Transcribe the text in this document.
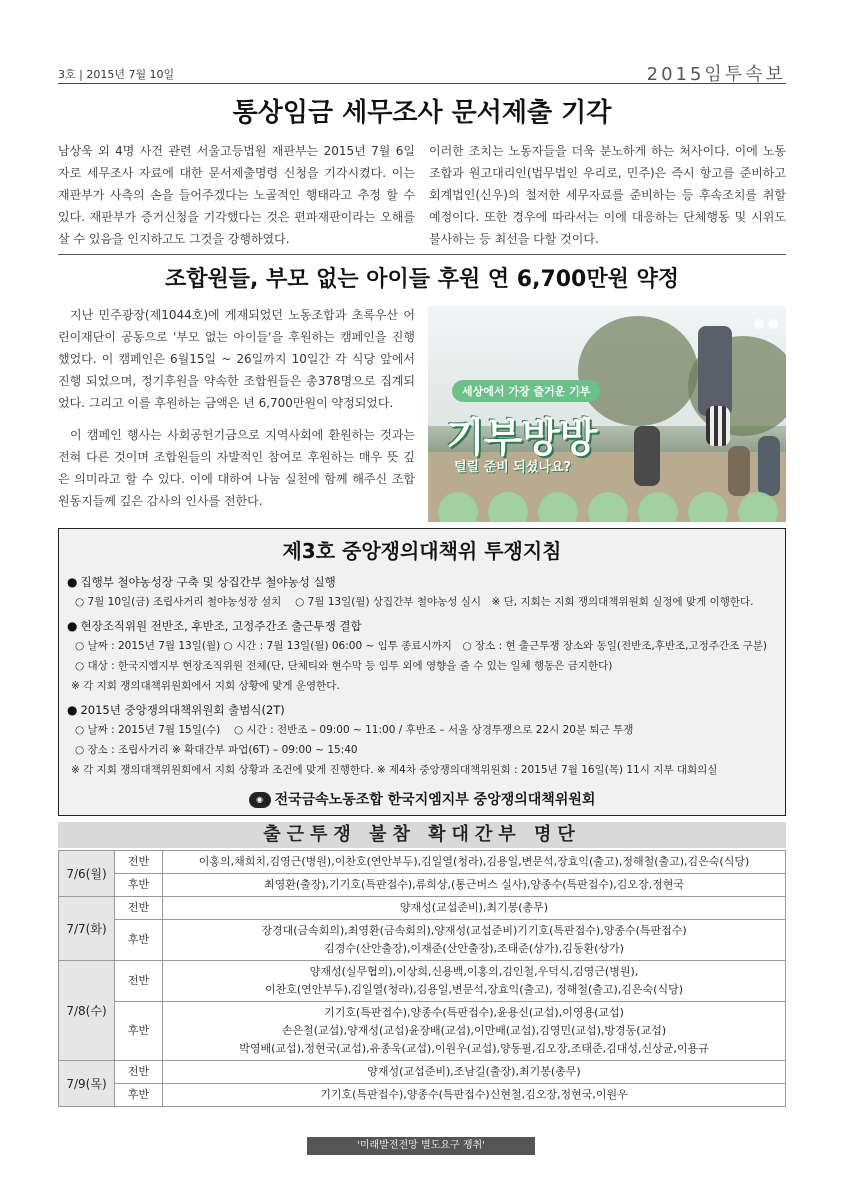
3호 | 2015년 7월 10일	2015임투속보
통상임금 세무조사 문서제출 기각
남상욱 외 4명 사건 관련 서울고등법원 재판부는 2015년 7월 6일 자로 세무조사 자료에 대한 문서제출명령 신청을 기각시켰다. 이는 재판부가 사측의 손을 들어주겠다는 노골적인 행태라고 추정 할 수 있다. 재판부가 증거신청을 기각했다는 것은 편파재판이라는 오해를 살 수 있음을 인지하고도 그것을 강행하였다.
이러한 조치는 노동자들을 더욱 분노하게 하는 처사이다. 이에 노동조합과 원고대리인(법무법인 우리로, 민주)은 즉시 항고를 준비하고 회계법인(신우)의 철저한 세무자료를 준비하는 등 후속조치를 취할 예정이다. 또한 경우에 따라서는 이에 대응하는 단체행동 및 시위도 불사하는 등 최선을 다할 것이다.
조합원들, 부모 없는 아이들 후원 연 6,700만원 약정

지난 민주광장(제1044호)에 게재되었던 노동조합과 초록우산 어린이재단이 공동으로 '부모 없는 아이들'을 후원하는 캠페인을 진행했었다. 이 캠페인은 6월15일 ~ 26일까지 10일간 각 식당 앞에서 진행 되었으며, 정기후원을 약속한 조합원들은 총378명으로 집계되었다. 그리고 이를 후원하는 금액은 년 6,700만원이 약정되었다.

이 캠페인 행사는 사회공헌기금으로 지역사회에 환원하는 것과는 전혀 다른 것이며 조합원들의 자발적인 참여로 후원하는 매우 뜻 깊은 의미라고 할 수 있다. 이에 대하여 나눔 실천에 함께 해주신 조합원동지들께 깊은 감사의 인사를 전한다.

세상에서 가장 즐거운 기부
기부방방
털릴 준비 되셨나요?
제3호 중앙쟁의대책위 투쟁지침
● 집행부 철야농성장 구축 및 상집간부 철야농성 실행
○ 7월 10일(금) 조립사거리 철야농성장 설치　 ○ 7월 13일(월) 상집간부 철야농성 실시　※ 단, 지회는 지회 쟁의대책위원회 실정에 맞게 이행한다.
● 현장조직위원 전반조, 후반조, 고정주간조 출근투쟁 결합
○ 날짜 : 2015년 7월 13일(월) ○ 시간 : 7월 13일(월) 06:00 ~ 임투 종료시까지　○ 장소 : 현 출근투쟁 장소와 동일(전반조,후반조,고정주간조 구분)
○ 대상 : 한국지엠지부 현장조직위원 전체(단, 단체티와 현수막 등 임투 외에 영향을 줄 수 있는 일체 행동은 금지한다)
※ 각 지회 쟁의대책위원회에서 지회 상황에 맞게 운영한다.
● 2015년 중앙쟁의대책위원회 출범식(2T)
○ 날짜 : 2015년 7월 15일(수)　 ○ 시간 : 전반조 – 09:00 ~ 11:00 / 후반조 – 서울 상경투쟁으로 22시 20분 퇴근 투쟁
○ 장소 : 조립사거리 ※ 확대간부 파업(6T) – 09:00 ~ 15:40
※ 각 지회 쟁의대책위원회에서 지회 상황과 조건에 맞게 진행한다. ※ 제4차 중앙쟁의대책위원회 : 2015년 7월 16일(목) 11시 지부 대회의실
◉ 전국금속노동조합 한국지엠지부 중앙쟁의대책위원회
출근투쟁 불참 확대간부 명단
7/6(월)	전반	이홍의,채희치,김영근(병원),이찬호(연안부두),김일열(청라),김용일,변문석,장효익(출고),정해철(출고),김은숙(식당)
	후반	최영환(출장),기기호(특판접수),류희상,(통근버스 실사),양종수(특판접수),김오장,정현국
7/7(화)	전반	양재성(교섭준비),최기봉(총무)
	후반	장경대(금속회의),최영환(금속회의),양재성(교섭준비)기기호(특판접수),양종수(특판접수)
김경수(산안출장),이재준(산안출장),조태준(상가),김동환(상가)
7/8(수)	전반	양재성(실무협의),이상희,신용백,이홍의,김인철,우덕식,김영근(병원),
이찬호(연안부두),김일열(청라),김용일,변문석,장효익(출고), 정해철(출고),김은숙(식당)
	후반	기기호(특판접수),양종수(특판접수),윤용신(교섭),이영용(교섭)
손은철(교섭),양재성(교섭)윤장배(교섭),이만배(교섭),김영민(교섭),방경동(교섭)
박영배(교섭),정현국(교섭),유종욱(교섭),이원우(교섭),양동필,김오장,조태준,김대성,신상균,이용규
7/9(목)	전반	양재성(교섭준비),조남길(출장),최기봉(총무)
	후반	기기호(특판접수),양종수(특판접수)신현철,김오장,정현국,이원우
'미래발전전망 별도요구 쟁취'
